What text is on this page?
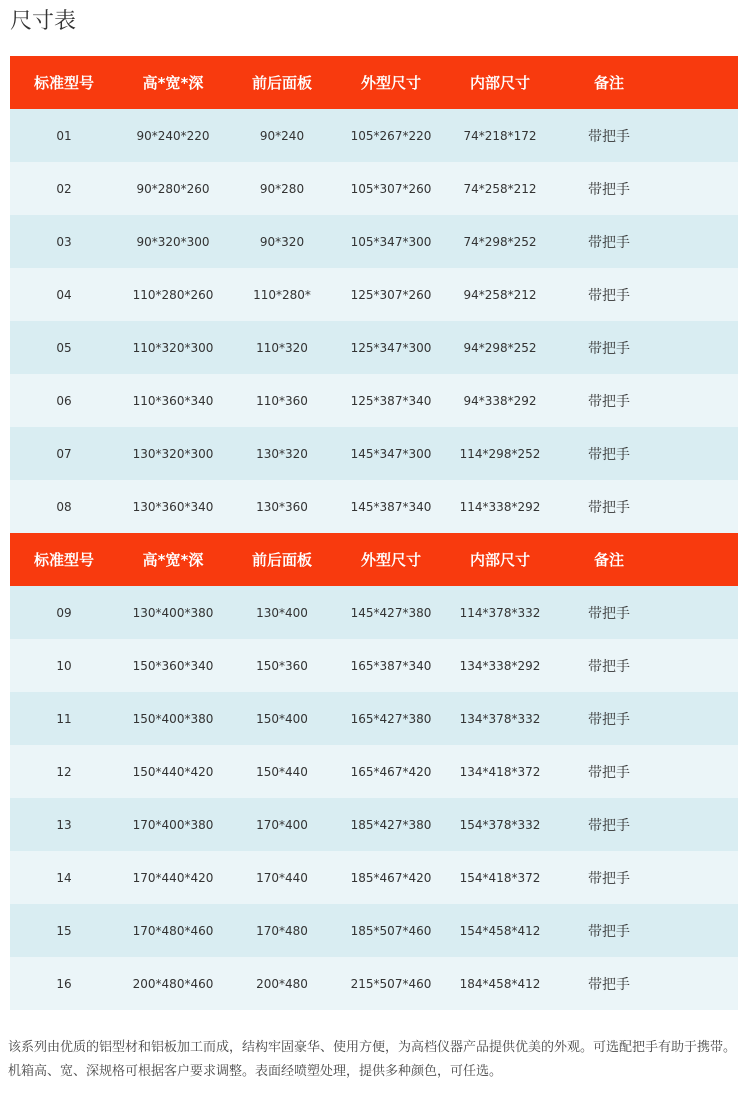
尺寸表
标准型号	高*宽*深	前后面板	外型尺寸	内部尺寸	备注
01	90*240*220	90*240	105*267*220	74*218*172	带把手
02	90*280*260	90*280	105*307*260	74*258*212	带把手
03	90*320*300	90*320	105*347*300	74*298*252	带把手
04	110*280*260	110*280*	125*307*260	94*258*212	带把手
05	110*320*300	110*320	125*347*300	94*298*252	带把手
06	110*360*340	110*360	125*387*340	94*338*292	带把手
07	130*320*300	130*320	145*347*300	114*298*252	带把手
08	130*360*340	130*360	145*387*340	114*338*292	带把手
标准型号	高*宽*深	前后面板	外型尺寸	内部尺寸	备注
09	130*400*380	130*400	145*427*380	114*378*332	带把手
10	150*360*340	150*360	165*387*340	134*338*292	带把手
11	150*400*380	150*400	165*427*380	134*378*332	带把手
12	150*440*420	150*440	165*467*420	134*418*372	带把手
13	170*400*380	170*400	185*427*380	154*378*332	带把手
14	170*440*420	170*440	185*467*420	154*418*372	带把手
15	170*480*460	170*480	185*507*460	154*458*412	带把手
16	200*480*460	200*480	215*507*460	184*458*412	带把手
该系列由优质的铝型材和铝板加工而成，结构牢固豪华、使用方便，为高档仪器产品提供优美的外观。可选配把手有助于携带。机箱高、宽、深规格可根据客户要求调整。表面经喷塑处理，提供多种颜色，可任选。
